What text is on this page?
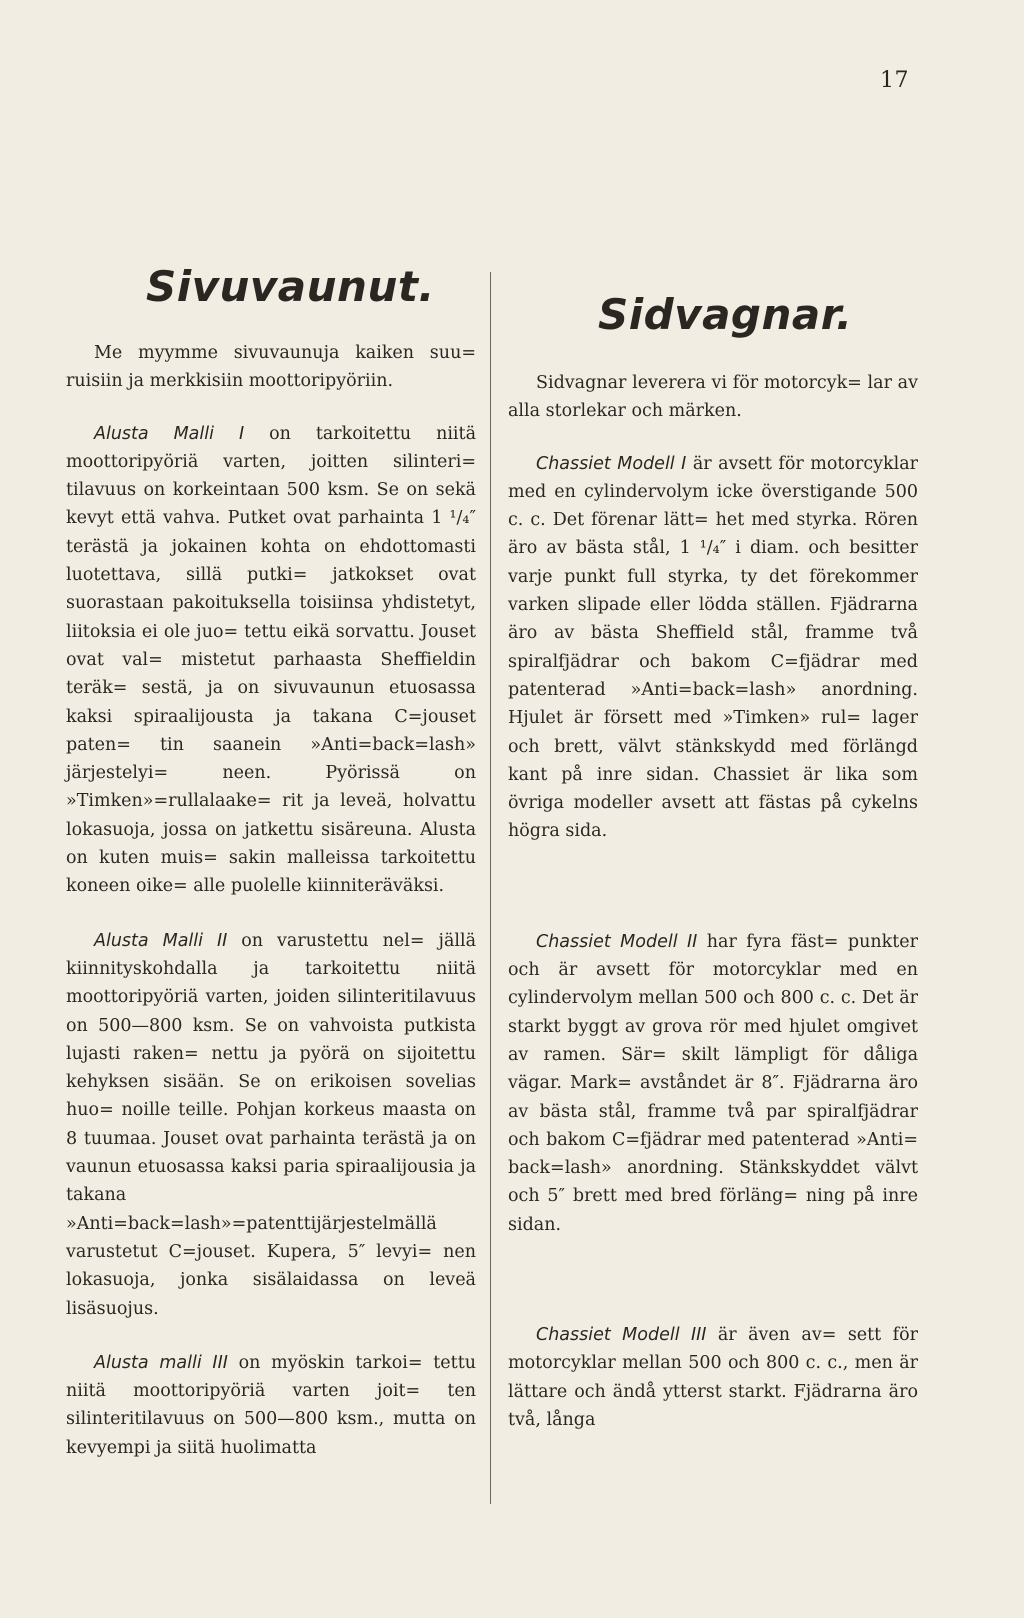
17
Sivuvaunut.

Me myymme sivuvaunuja kaiken suu= ruisiin ja merkkisiin moottoripyöriin.

Alusta Malli I on tarkoitettu niitä moottoripyöriä varten, joitten silinteri= tilavuus on korkeintaan 500 ksm. Se on sekä kevyt että vahva. Putket ovat parhainta 1 ¹/₄″ terästä ja jokainen kohta on ehdottomasti luotettava, sillä putki= jatkokset ovat suorastaan pakoituksella toisiinsa yhdistetyt, liitoksia ei ole juo= tettu eikä sorvattu. Jouset ovat val= mistetut parhaasta Sheffieldin teräk= sestä, ja on sivuvaunun etuosassa kaksi spiraalijousta ja takana C=jouset paten= tin saanein »Anti=back=lash» järjestelyi= neen. Pyörissä on »Timken»=rullalaake= rit ja leveä, holvattu lokasuoja, jossa on jatkettu sisäreuna. Alusta on kuten muis= sakin malleissa tarkoitettu koneen oike= alle puolelle kiinniteräväksi.

Alusta Malli II on varustettu nel= jällä kiinnityskohdalla ja tarkoitettu niitä moottoripyöriä varten, joiden silinteritilavuus on 500—800 ksm. Se on vahvoista putkista lujasti raken= nettu ja pyörä on sijoitettu kehyksen sisään. Se on erikoisen sovelias huo= noille teille. Pohjan korkeus maasta on 8 tuumaa. Jouset ovat parhainta terästä ja on vaunun etuosassa kaksi paria spiraalijousia ja takana »Anti=back=lash»=patenttijärjestelmällä varustetut C=jouset. Kupera, 5″ levyi= nen lokasuoja, jonka sisälaidassa on leveä lisäsuojus.

Alusta malli III on myöskin tarkoi= tettu niitä moottoripyöriä varten joit= ten silinteritilavuus on 500—800 ksm., mutta on kevyempi ja siitä huolimatta

Sidvagnar.

Sidvagnar leverera vi för motorcyk= lar av alla storlekar och märken.

Chassiet Modell I är avsett för motorcyklar med en cylindervolym icke överstigande 500 c. c. Det förenar lätt= het med styrka. Rören äro av bästa stål, 1 ¹/₄″ i diam. och besitter varje punkt full styrka, ty det förekommer varken slipade eller lödda ställen. Fjädrarna äro av bästa Sheffield stål, framme två spiralfjädrar och bakom C=fjädrar med patenterad »Anti=back=lash» anordning. Hjulet är försett med »Timken» rul= lager och brett, välvt stänkskydd med förlängd kant på inre sidan. Chassiet är lika som övriga modeller avsett att fästas på cykelns högra sida.

Chassiet Modell II har fyra fäst= punkter och är avsett för motorcyklar med en cylindervolym mellan 500 och 800 c. c. Det är starkt byggt av grova rör med hjulet omgivet av ramen. Sär= skilt lämpligt för dåliga vägar. Mark= avståndet är 8″. Fjädrarna äro av bästa stål, framme två par spiralfjädrar och bakom C=fjädrar med patenterad »Anti= back=lash» anordning. Stänkskyddet välvt och 5″ brett med bred förläng= ning på inre sidan.

Chassiet Modell III är även av= sett för motorcyklar mellan 500 och 800 c. c., men är lättare och ändå ytterst starkt. Fjädrarna äro två, långa
